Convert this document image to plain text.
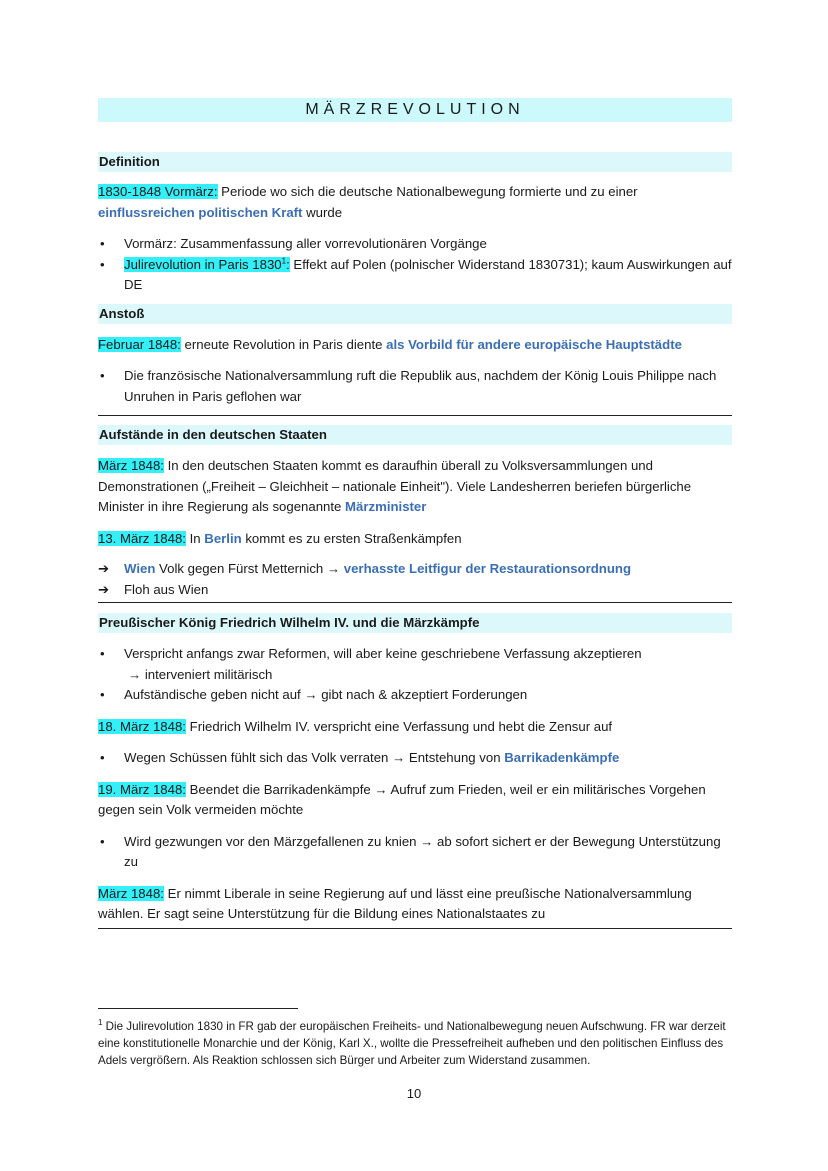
MÄRZREVOLUTION
Definition

1830-1848 Vormärz: Periode wo sich die deutsche Nationalbewegung formierte und zu einer einflussreichen politischen Kraft wurde

• Vormärz: Zusammenfassung aller vorrevolutionären Vorgänge
• Julirevolution in Paris 1830$^1$: Effekt auf Polen (polnischer Widerstand 1830731); kaum Auswirkungen auf DE
Anstoß

Februar 1848: erneute Revolution in Paris diente als Vorbild für andere europäische Hauptstädte

• Die französische Nationalversammlung ruft die Republik aus, nachdem der König Louis Philippe nach Unruhen in Paris geflohen war
Aufstände in den deutschen Staaten

März 1848: In den deutschen Staaten kommt es daraufhin überall zu Volksversammlungen und Demonstrationen („Freiheit – Gleichheit – nationale Einheit"). Viele Landesherren beriefen bürgerliche Minister in ihre Regierung als sogenannte Märzminister

13. März 1848: In Berlin kommt es zu ersten Straßenkämpfen

➔ Wien Volk gegen Fürst Metternich → verhasste Leitfigur der Restaurationsordnung
➔ Floh aus Wien
Preußischer König Friedrich Wilhelm IV. und die Märzkämpfe
• Verspricht anfangs zwar Reformen, will aber keine geschriebene Verfassung akzeptieren
→ interveniert militärisch
• Aufständische geben nicht auf → gibt nach & akzeptiert Forderungen

18. März 1848: Friedrich Wilhelm IV. verspricht eine Verfassung und hebt die Zensur auf

• Wegen Schüssen fühlt sich das Volk verraten → Entstehung von Barrikadenkämpfe

19. März 1848: Beendet die Barrikadenkämpfe → Aufruf zum Frieden, weil er ein militärisches Vorgehen gegen sein Volk vermeiden möchte

• Wird gezwungen vor den Märzgefallenen zu knien → ab sofort sichert er der Bewegung Unterstützung zu

März 1848: Er nimmt Liberale in seine Regierung auf und lässt eine preußische Nationalversammlung wählen. Er sagt seine Unterstützung für die Bildung eines Nationalstaates zu

$^1$ Die Julirevolution 1830 in FR gab der europäischen Freiheits- und Nationalbewegung neuen Aufschwung. FR war derzeit eine konstitutionelle Monarchie und der König, Karl X., wollte die Pressefreiheit aufheben und den politischen Einfluss des Adels vergrößern. Als Reaktion schlossen sich Bürger und Arbeiter zum Widerstand zusammen.
10
